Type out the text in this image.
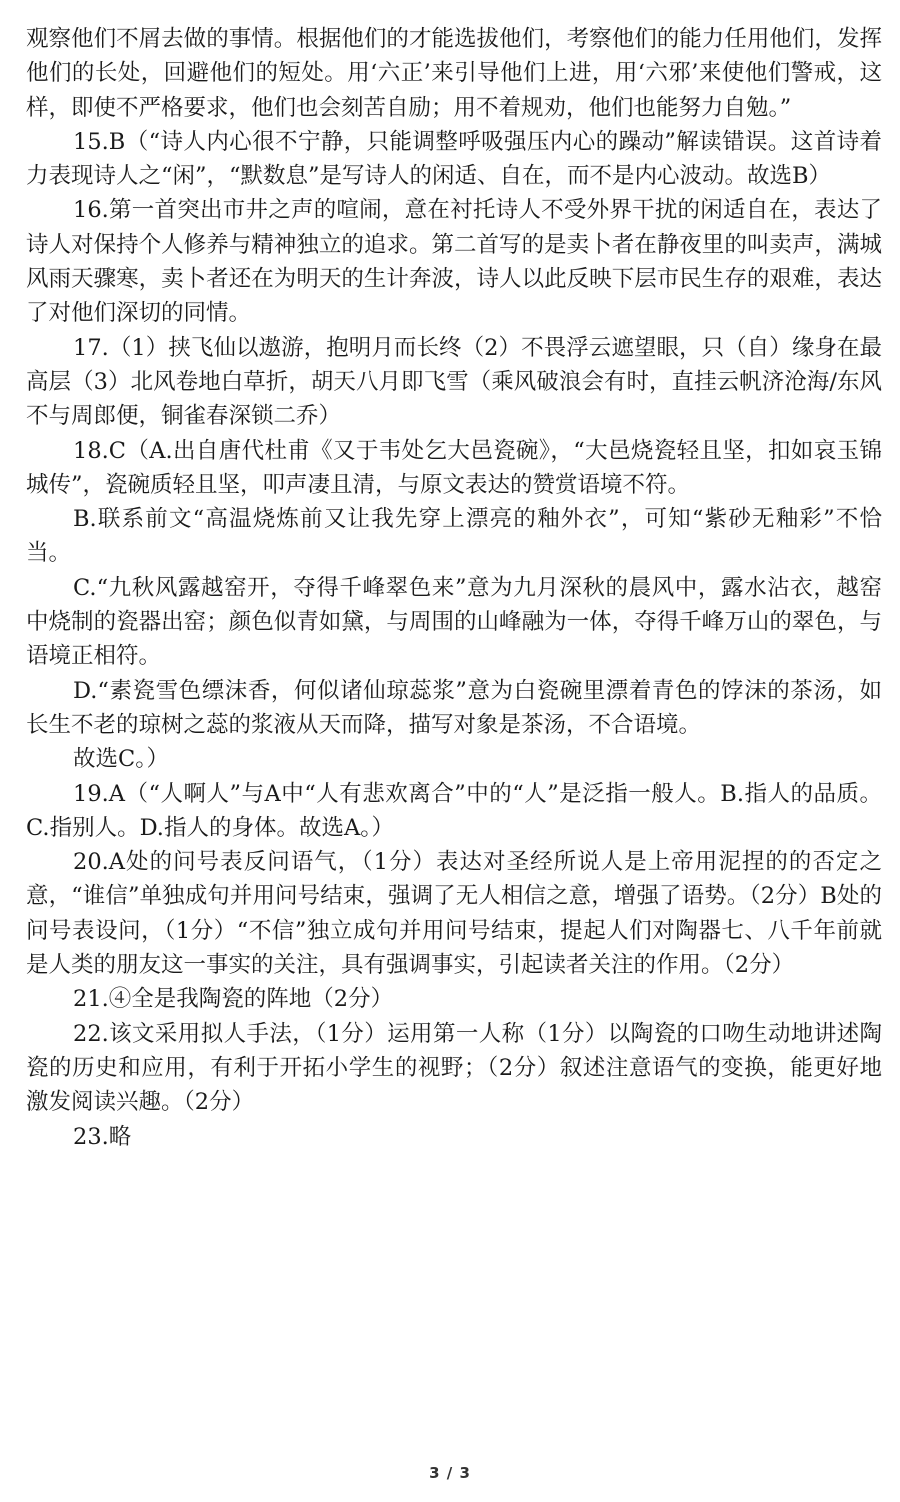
观察他们不屑去做的事情。根据他们的才能选拔他们，考察他们的能力任用他们，发挥他们的长处，回避他们的短处。用‘六正’来引导他们上进，用‘六邪’来使他们警戒，这样，即使不严格要求，他们也会刻苦自励；用不着规劝，他们也能努力自勉。”

15.B（“诗人内心很不宁静，只能调整呼吸强压内心的躁动”解读错误。这首诗着力表现诗人之“闲”，“默数息”是写诗人的闲适、自在，而不是内心波动。故选B）

16.第一首突出市井之声的喧闹，意在衬托诗人不受外界干扰的闲适自在，表达了诗人对保持个人修养与精神独立的追求。第二首写的是卖卜者在静夜里的叫卖声，满城风雨天骤寒，卖卜者还在为明天的生计奔波，诗人以此反映下层市民生存的艰难，表达了对他们深切的同情。

17.（1）挟飞仙以遨游，抱明月而长终（2）不畏浮云遮望眼，只（自）缘身在最高层（3）北风卷地白草折，胡天八月即飞雪（乘风破浪会有时，直挂云帆济沧海/东风不与周郎便，铜雀春深锁二乔）

18.C（A.出自唐代杜甫《又于韦处乞大邑瓷碗》，“大邑烧瓷轻且坚，扣如哀玉锦城传”，瓷碗质轻且坚，叩声凄且清，与原文表达的赞赏语境不符。

B.联系前文“高温烧炼前又让我先穿上漂亮的釉外衣”，可知“紫砂无釉彩”不恰当。

C.“九秋风露越窑开，夺得千峰翠色来”意为九月深秋的晨风中，露水沾衣，越窑中烧制的瓷器出窑；颜色似青如黛，与周围的山峰融为一体，夺得千峰万山的翠色，与语境正相符。

D.“素瓷雪色缥沫香，何似诸仙琼蕊浆”意为白瓷碗里漂着青色的饽沫的茶汤，如长生不老的琼树之蕊的浆液从天而降，描写对象是茶汤，不合语境。

故选C。）

19.A（“人啊人”与A中“人有悲欢离合”中的“人”是泛指一般人。B.指人的品质。C.指别人。D.指人的身体。故选A。）

20.A处的问号表反问语气，（1分）表达对圣经所说人是上帝用泥捏的的否定之意，“谁信”单独成句并用问号结束，强调了无人相信之意，增强了语势。（2分）B处的问号表设问，（1分）“不信”独立成句并用问号结束，提起人们对陶器七、八千年前就是人类的朋友这一事实的关注，具有强调事实，引起读者关注的作用。（2分）

21.④全是我陶瓷的阵地（2分）

22.该文采用拟人手法，（1分）运用第一人称（1分）以陶瓷的口吻生动地讲述陶瓷的历史和应用，有利于开拓小学生的视野；（2分）叙述注意语气的变换，能更好地激发阅读兴趣。（2分）

23.略

3 / 3
